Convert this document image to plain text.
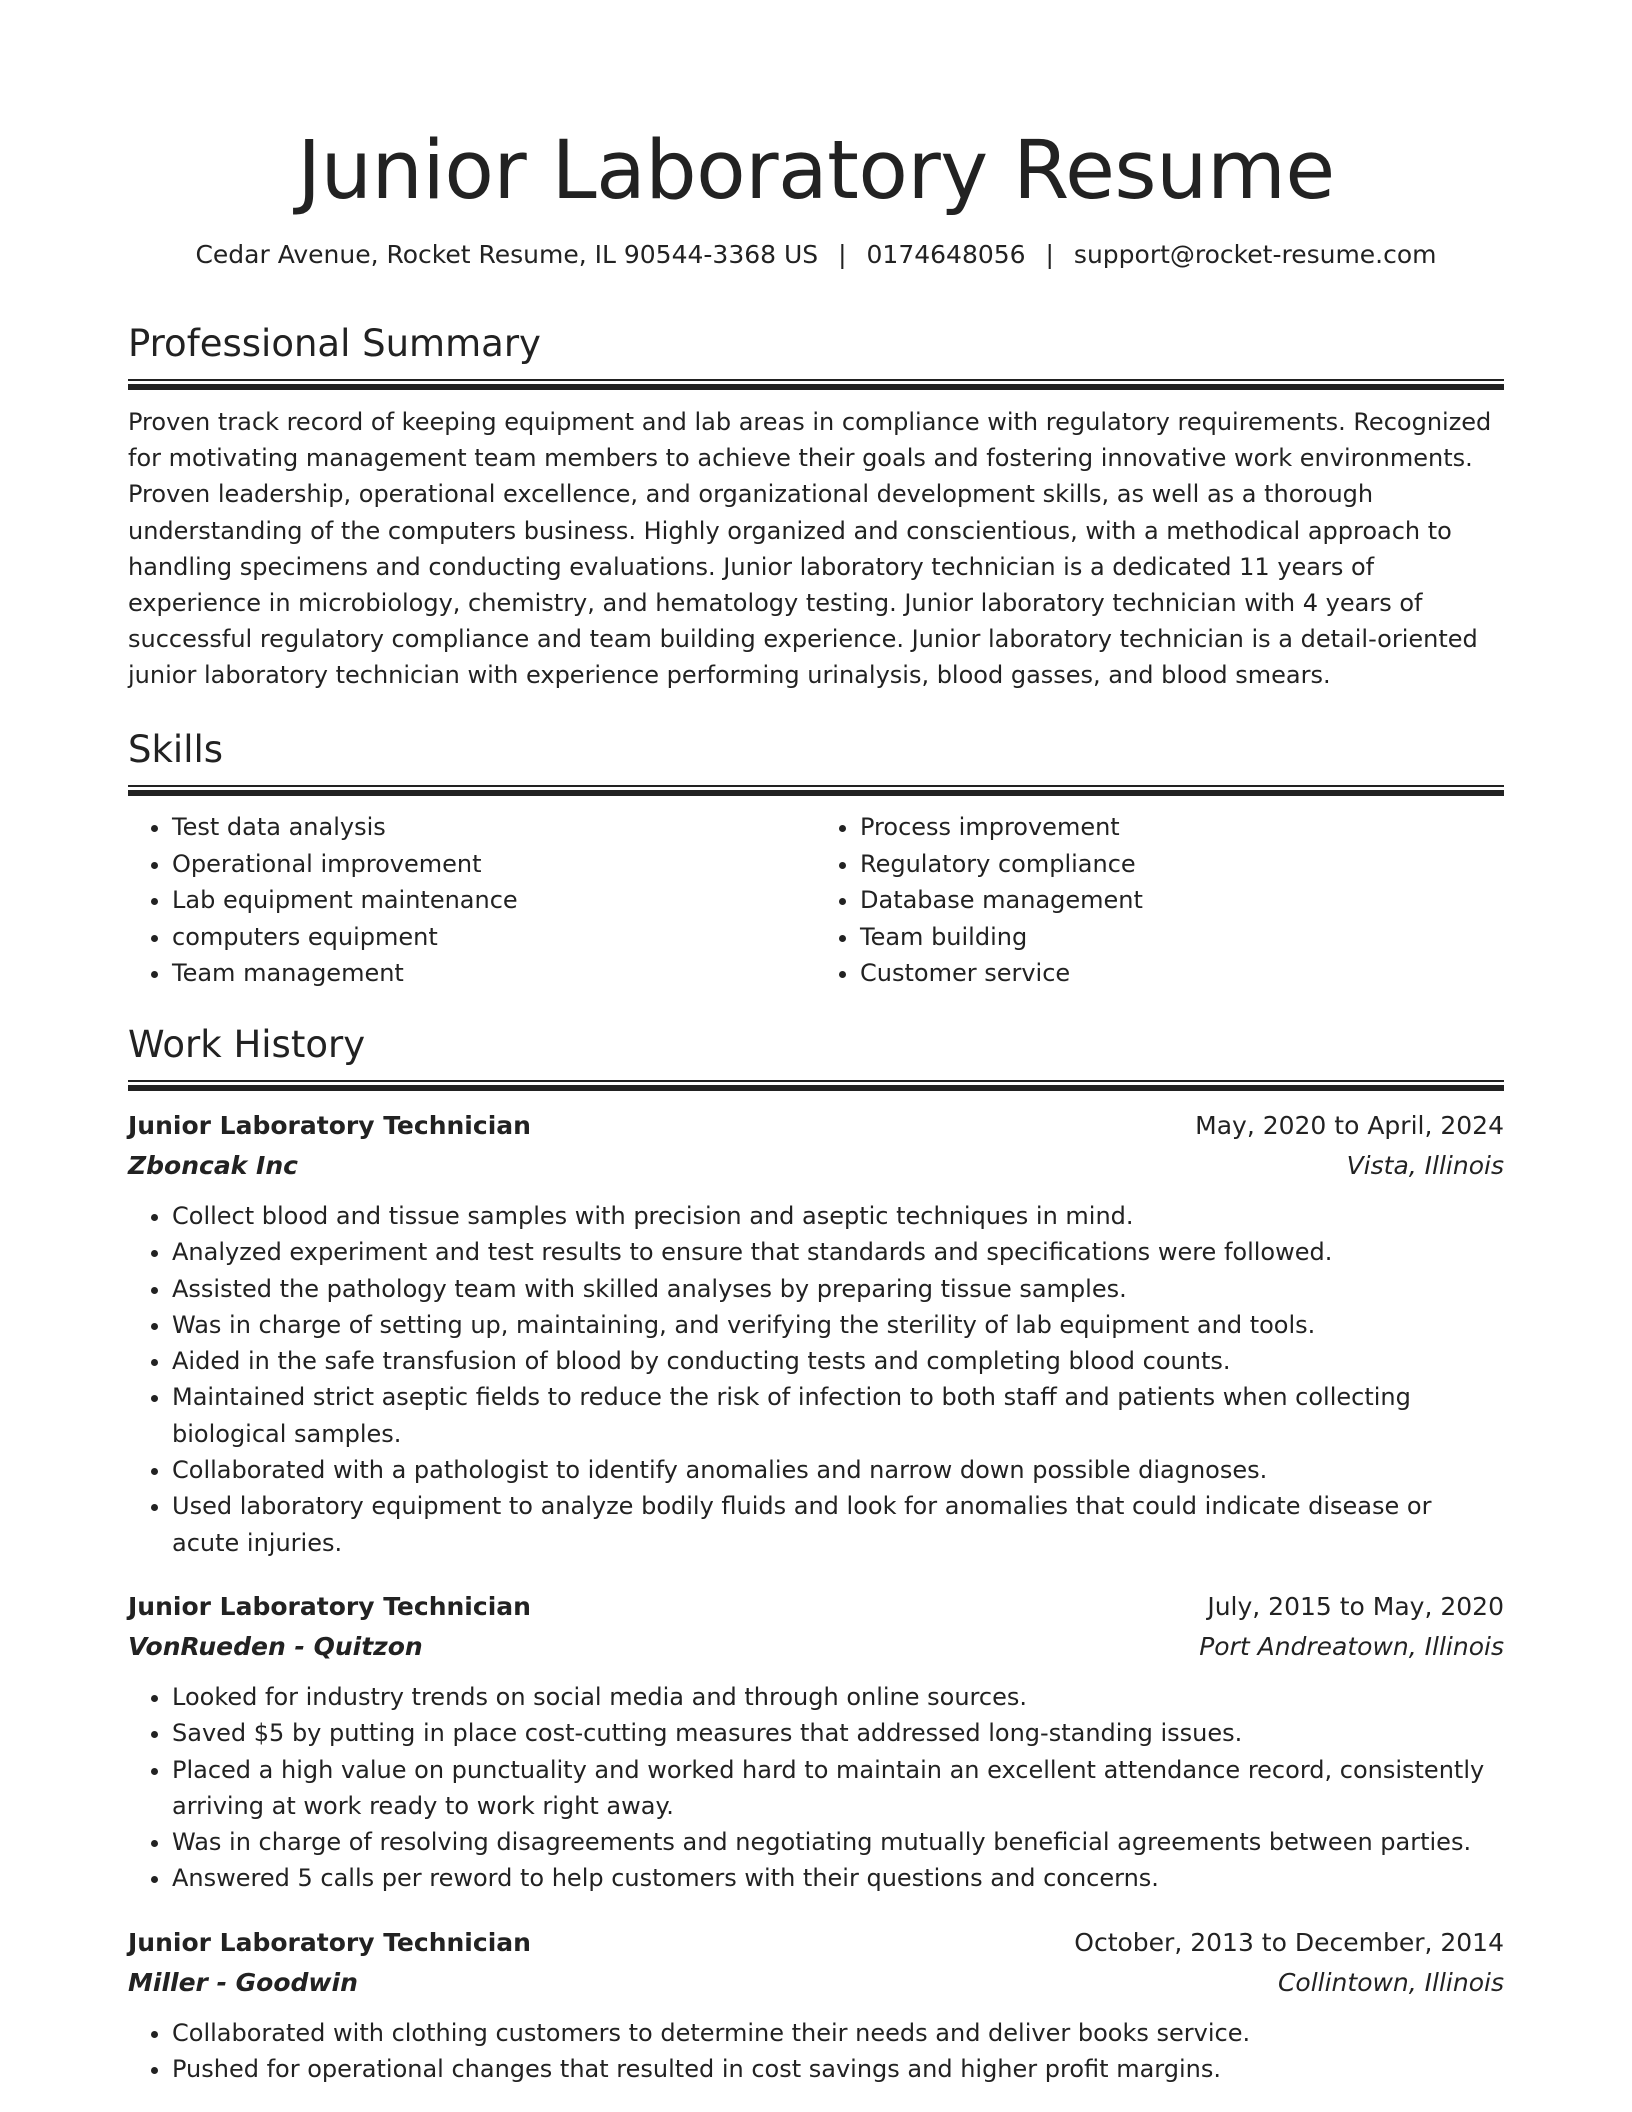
Junior Laboratory Resume
Cedar Avenue, Rocket Resume, IL 90544-3368 US | 0174648056 | support@rocket-resume.com
Professional Summary

Proven track record of keeping equipment and lab areas in compliance with regulatory requirements. Recognized for motivating management team members to achieve their goals and fostering innovative work environments. Proven leadership, operational excellence, and organizational development skills, as well as a thorough understanding of the computers business. Highly organized and conscientious, with a methodical approach to handling specimens and conducting evaluations. Junior laboratory technician is a dedicated 11 years of experience in microbiology, chemistry, and hematology testing. Junior laboratory technician with 4 years of successful regulatory compliance and team building experience. Junior laboratory technician is a detail-oriented junior laboratory technician with experience performing urinalysis, blood gasses, and blood smears.

Skills
• Test data analysis
• Operational improvement
• Lab equipment maintenance
• computers equipment
• Team management
• Process improvement
• Regulatory compliance
• Database management
• Team building
• Customer service
Work History
Junior Laboratory Technician	May, 2020 to April, 2024
Zboncak Inc	Vista, Illinois
• Collect blood and tissue samples with precision and aseptic techniques in mind.
• Analyzed experiment and test results to ensure that standards and specifications were followed.
• Assisted the pathology team with skilled analyses by preparing tissue samples.
• Was in charge of setting up, maintaining, and verifying the sterility of lab equipment and tools.
• Aided in the safe transfusion of blood by conducting tests and completing blood counts.
• Maintained strict aseptic fields to reduce the risk of infection to both staff and patients when collecting biological samples.
• Collaborated with a pathologist to identify anomalies and narrow down possible diagnoses.
• Used laboratory equipment to analyze bodily fluids and look for anomalies that could indicate disease or acute injuries.
Junior Laboratory Technician	July, 2015 to May, 2020
VonRueden - Quitzon	Port Andreatown, Illinois
• Looked for industry trends on social media and through online sources.
• Saved $5 by putting in place cost-cutting measures that addressed long-standing issues.
• Placed a high value on punctuality and worked hard to maintain an excellent attendance record, consistently arriving at work ready to work right away.
• Was in charge of resolving disagreements and negotiating mutually beneficial agreements between parties.
• Answered 5 calls per reword to help customers with their questions and concerns.
Junior Laboratory Technician	October, 2013 to December, 2014
Miller - Goodwin	Collintown, Illinois
• Collaborated with clothing customers to determine their needs and deliver books service.
• Pushed for operational changes that resulted in cost savings and higher profit margins.
